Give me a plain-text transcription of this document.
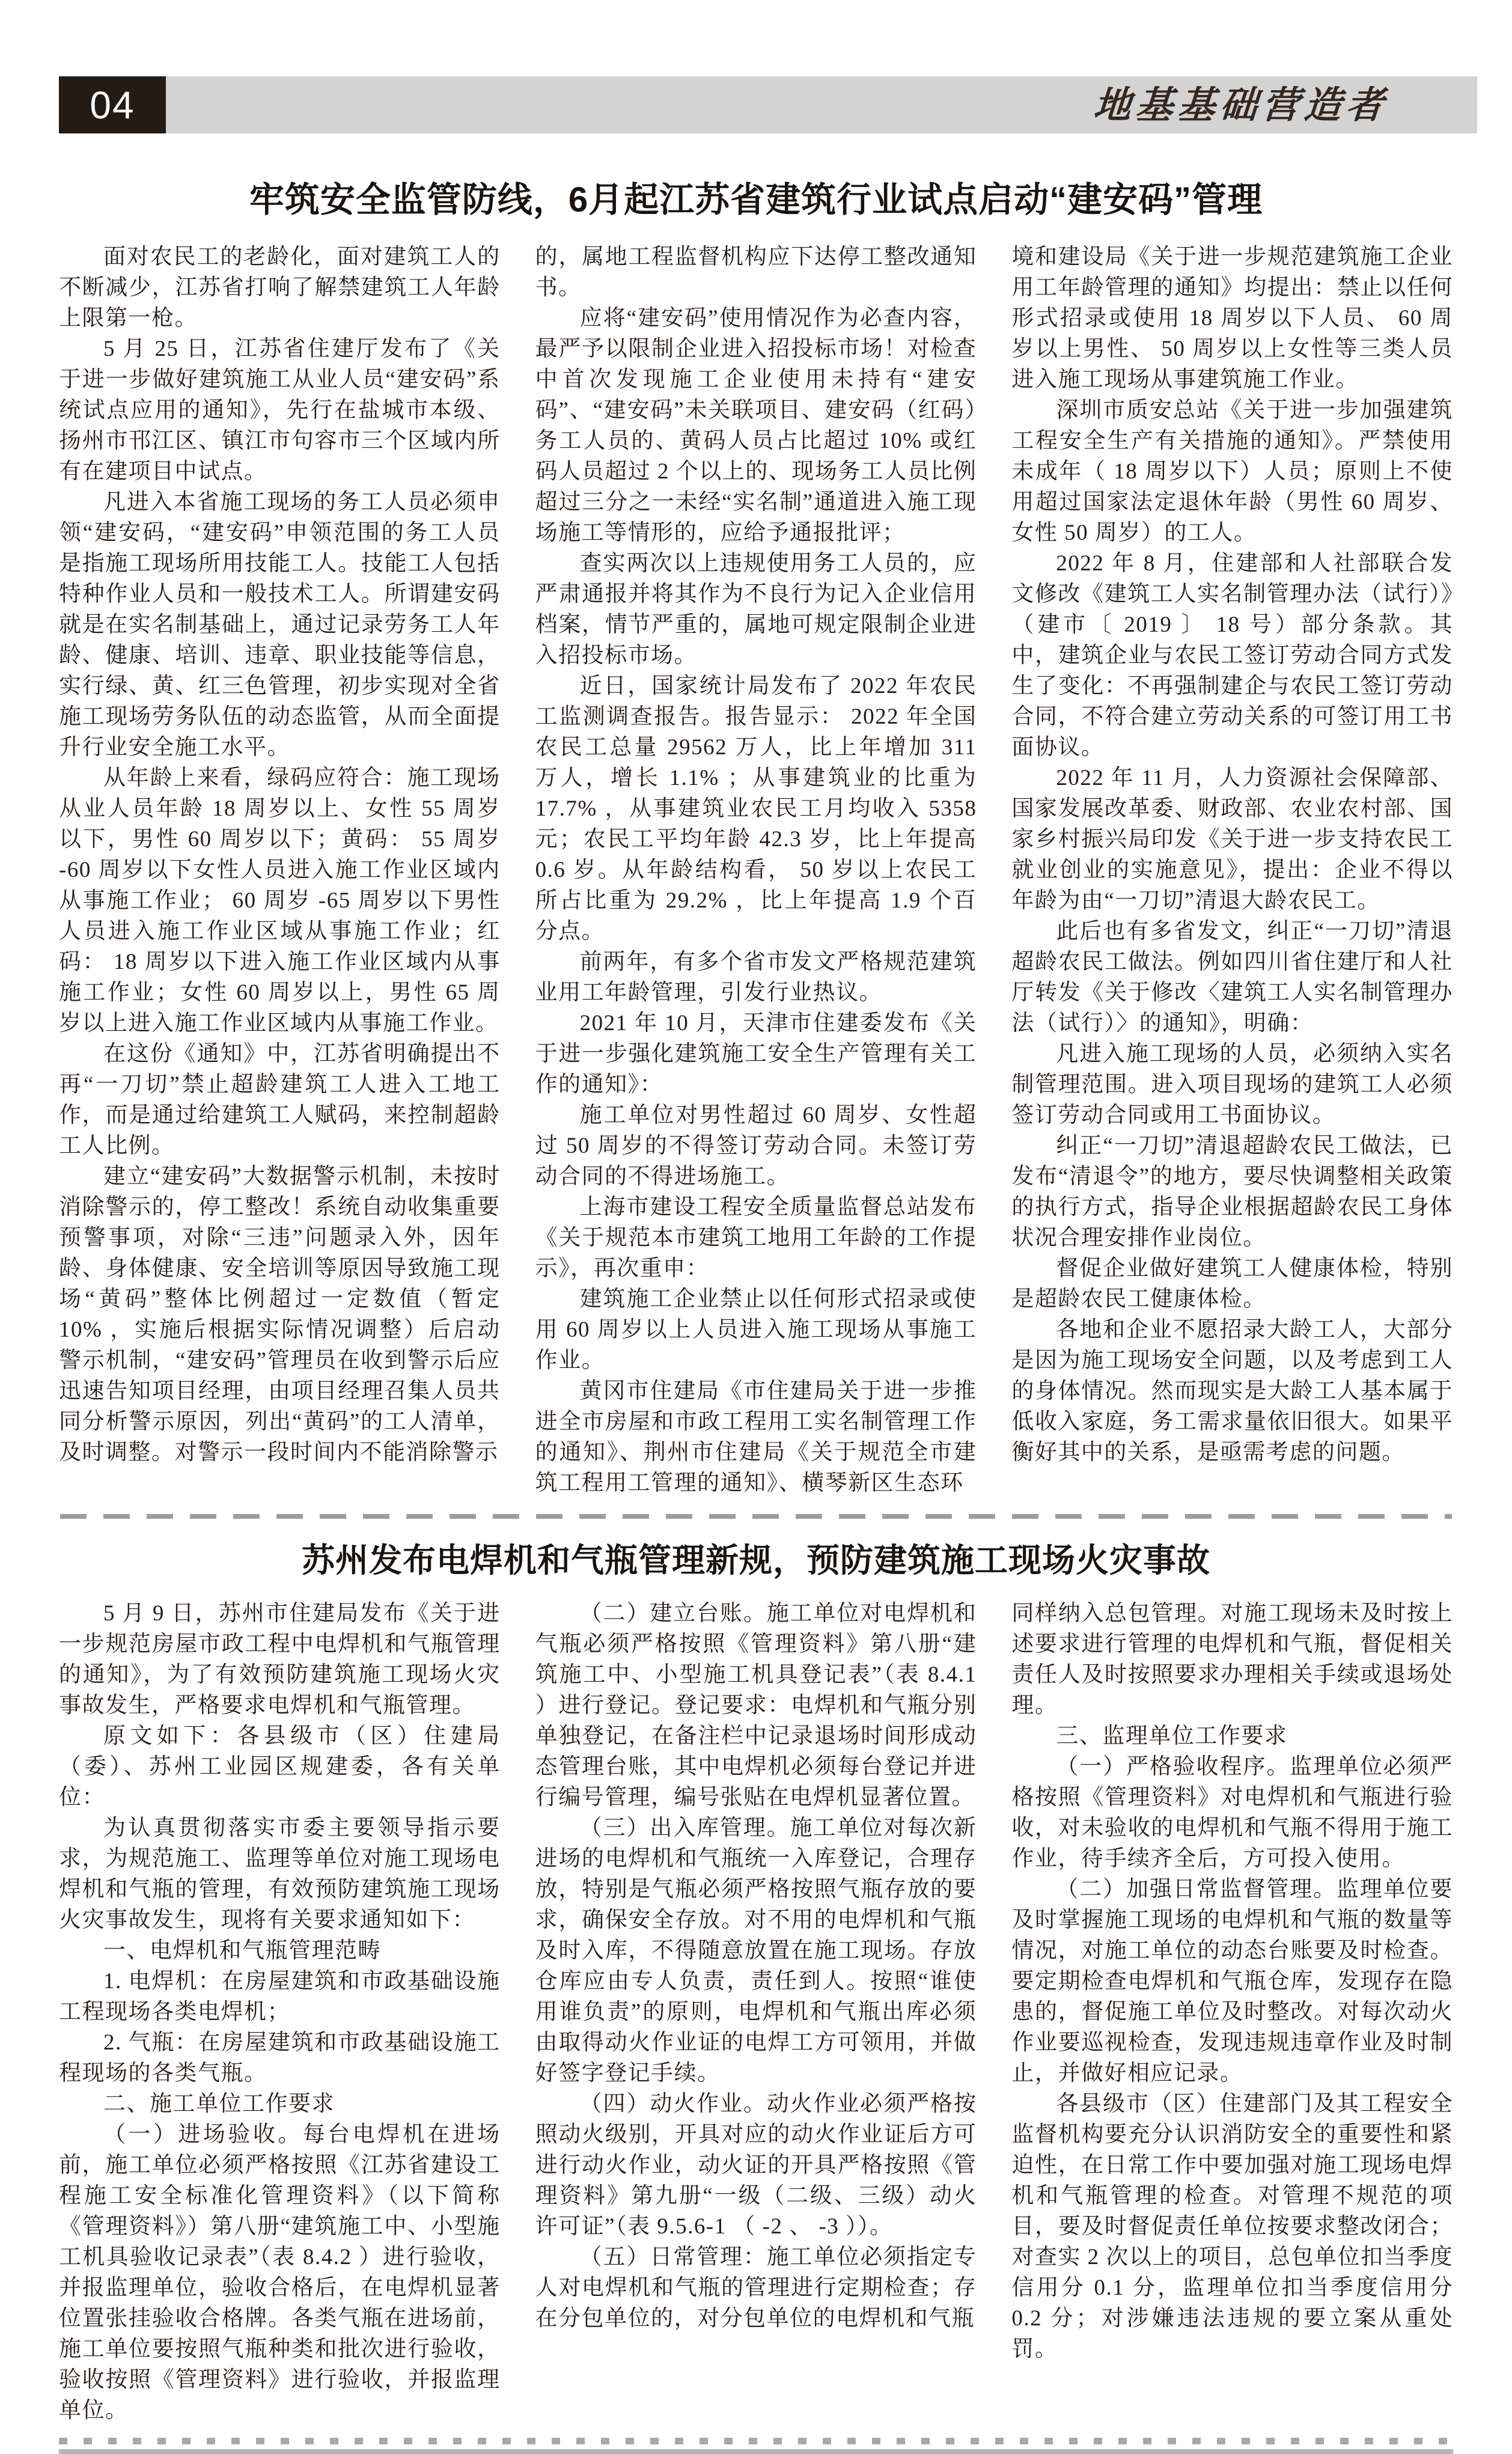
04	地基基础营造者
牢筑安全监管防线，6月起江苏省建筑行业试点启动“建安码”管理

面对农民工的老龄化，面对建筑工人的不断减少，江苏省打响了解禁建筑工人年龄上限第一枪。

5 月 25 日，江苏省住建厅发布了《关于进一步做好建筑施工从业人员“建安码”系统试点应用的通知》，先行在盐城市本级、扬州市邗江区、镇江市句容市三个区域内所有在建项目中试点。

凡进入本省施工现场的务工人员必须申领“建安码，“建安码”申领范围的务工人员是指施工现场所用技能工人。技能工人包括特种作业人员和一般技术工人。所谓建安码就是在实名制基础上，通过记录劳务工人年龄、健康、培训、违章、职业技能等信息，实行绿、黄、红三色管理，初步实现对全省施工现场劳务队伍的动态监管，从而全面提升行业安全施工水平。

从年龄上来看，绿码应符合：施工现场从业人员年龄 18 周岁以上、女性 55 周岁以下，男性 60 周岁以下；黄码： 55 周岁 -60 周岁以下女性人员进入施工作业区域内从事施工作业； 60 周岁 -65 周岁以下男性人员进入施工作业区域从事施工作业；红码： 18 周岁以下进入施工作业区域内从事施工作业；女性 60 周岁以上，男性 65 周岁以上进入施工作业区域内从事施工作业。

在这份《通知》中，江苏省明确提出不再“一刀切”禁止超龄建筑工人进入工地工作，而是通过给建筑工人赋码，来控制超龄工人比例。

建立“建安码”大数据警示机制，未按时消除警示的，停工整改！系统自动收集重要预警事项，对除“三违”问题录入外，因年龄、身体健康、安全培训等原因导致施工现场“黄码”整体比例超过一定数值（暂定 10% ，实施后根据实际情况调整）后启动警示机制，“建安码”管理员在收到警示后应迅速告知项目经理，由项目经理召集人员共同分析警示原因，列出“黄码”的工人清单，及时调整。对警示一段时间内不能消除警示

的，属地工程监督机构应下达停工整改通知书。

应将“建安码”使用情况作为必查内容，最严予以限制企业进入招投标市场！对检查中首次发现施工企业使用未持有“建安码”、“建安码”未关联项目、建安码（红码）务工人员的、黄码人员占比超过 10% 或红码人员超过 2 个以上的、现场务工人员比例超过三分之一未经“实名制”通道进入施工现场施工等情形的，应给予通报批评；

查实两次以上违规使用务工人员的，应严肃通报并将其作为不良行为记入企业信用档案，情节严重的，属地可规定限制企业进入招投标市场。

近日，国家统计局发布了 2022 年农民工监测调查报告。报告显示： 2022 年全国农民工总量 29562 万人，比上年增加 311 万人，增长 1.1% ；从事建筑业的比重为 17.7% ，从事建筑业农民工月均收入 5358 元；农民工平均年龄 42.3 岁，比上年提高 0.6 岁。从年龄结构看， 50 岁以上农民工所占比重为 29.2% ，比上年提高 1.9 个百分点。

前两年，有多个省市发文严格规范建筑业用工年龄管理，引发行业热议。

2021 年 10 月，天津市住建委发布《关于进一步强化建筑施工安全生产管理有关工作的通知》：

施工单位对男性超过 60 周岁、女性超过 50 周岁的不得签订劳动合同。未签订劳动合同的不得进场施工。

上海市建设工程安全质量监督总站发布《关于规范本市建筑工地用工年龄的工作提示》，再次重申：

建筑施工企业禁止以任何形式招录或使用 60 周岁以上人员进入施工现场从事施工作业。

黄冈市住建局《市住建局关于进一步推进全市房屋和市政工程用工实名制管理工作的通知》、荆州市住建局《关于规范全市建筑工程用工管理的通知》、横琴新区生态环

境和建设局《关于进一步规范建筑施工企业用工年龄管理的通知》均提出：禁止以任何形式招录或使用 18 周岁以下人员、 60 周岁以上男性、 50 周岁以上女性等三类人员进入施工现场从事建筑施工作业。

深圳市质安总站《关于进一步加强建筑工程安全生产有关措施的通知》。严禁使用未成年（ 18 周岁以下）人员；原则上不使用超过国家法定退休年龄（男性 60 周岁、女性 50 周岁）的工人。

2022 年 8 月，住建部和人社部联合发文修改《建筑工人实名制管理办法（试行）》（建市〔 2019 〕 18 号）部分条款。其中，建筑企业与农民工签订劳动合同方式发生了变化：不再强制建企与农民工签订劳动合同，不符合建立劳动关系的可签订用工书面协议。

2022 年 11 月，人力资源社会保障部、国家发展改革委、财政部、农业农村部、国家乡村振兴局印发《关于进一步支持农民工就业创业的实施意见》，提出：企业不得以年龄为由“一刀切”清退大龄农民工。

此后也有多省发文，纠正“一刀切”清退超龄农民工做法。例如四川省住建厅和人社厅转发《关于修改〈建筑工人实名制管理办法（试行）〉的通知》，明确：

凡进入施工现场的人员，必须纳入实名制管理范围。进入项目现场的建筑工人必须签订劳动合同或用工书面协议。

纠正“一刀切”清退超龄农民工做法，已发布“清退令”的地方，要尽快调整相关政策的执行方式，指导企业根据超龄农民工身体状况合理安排作业岗位。

督促企业做好建筑工人健康体检，特别是超龄农民工健康体检。

各地和企业不愿招录大龄工人，大部分是因为施工现场安全问题，以及考虑到工人的身体情况。然而现实是大龄工人基本属于低收入家庭，务工需求量依旧很大。如果平衡好其中的关系，是亟需考虑的问题。

苏州发布电焊机和气瓶管理新规，预防建筑施工现场火灾事故

5 月 9 日，苏州市住建局发布《关于进一步规范房屋市政工程中电焊机和气瓶管理的通知》，为了有效预防建筑施工现场火灾事故发生，严格要求电焊机和气瓶管理。

原文如下：各县级市（区）住建局（委）、苏州工业园区规建委，各有关单位：

为认真贯彻落实市委主要领导指示要求，为规范施工、监理等单位对施工现场电焊机和气瓶的管理，有效预防建筑施工现场火灾事故发生，现将有关要求通知如下：

一、电焊机和气瓶管理范畴

1. 电焊机：在房屋建筑和市政基础设施工程现场各类电焊机；

2. 气瓶：在房屋建筑和市政基础设施工程现场的各类气瓶。

二、施工单位工作要求

（一）进场验收。每台电焊机在进场前，施工单位必须严格按照《江苏省建设工程施工安全标准化管理资料》（以下简称《管理资料》）第八册“建筑施工中、小型施工机具验收记录表”（表 8.4.2 ）进行验收，并报监理单位，验收合格后，在电焊机显著位置张挂验收合格牌。各类气瓶在进场前，施工单位要按照气瓶种类和批次进行验收，验收按照《管理资料》进行验收，并报监理单位。

（二）建立台账。施工单位对电焊机和气瓶必须严格按照《管理资料》第八册“建筑施工中、小型施工机具登记表”（表 8.4.1 ）进行登记。登记要求：电焊机和气瓶分别单独登记，在备注栏中记录退场时间形成动态管理台账，其中电焊机必须每台登记并进行编号管理，编号张贴在电焊机显著位置。

（三）出入库管理。施工单位对每次新进场的电焊机和气瓶统一入库登记，合理存放，特别是气瓶必须严格按照气瓶存放的要求，确保安全存放。对不用的电焊机和气瓶及时入库，不得随意放置在施工现场。存放仓库应由专人负责，责任到人。按照“谁使用谁负责”的原则，电焊机和气瓶出库必须由取得动火作业证的电焊工方可领用，并做好签字登记手续。

（四）动火作业。动火作业必须严格按照动火级别，开具对应的动火作业证后方可进行动火作业，动火证的开具严格按照《管理资料》第九册“一级（二级、三级）动火许可证”（表 9.5.6-1 （ -2 、 -3 ））。

（五）日常管理：施工单位必须指定专人对电焊机和气瓶的管理进行定期检查；存在分包单位的，对分包单位的电焊机和气瓶

同样纳入总包管理。对施工现场未及时按上述要求进行管理的电焊机和气瓶，督促相关责任人及时按照要求办理相关手续或退场处理。

三、监理单位工作要求

（一）严格验收程序。监理单位必须严格按照《管理资料》对电焊机和气瓶进行验收，对未验收的电焊机和气瓶不得用于施工作业，待手续齐全后，方可投入使用。

（二）加强日常监督管理。监理单位要及时掌握施工现场的电焊机和气瓶的数量等情况，对施工单位的动态台账要及时检查。要定期检查电焊机和气瓶仓库，发现存在隐患的，督促施工单位及时整改。对每次动火作业要巡视检查，发现违规违章作业及时制止，并做好相应记录。

各县级市（区）住建部门及其工程安全监督机构要充分认识消防安全的重要性和紧迫性，在日常工作中要加强对施工现场电焊机和气瓶管理的检查。对管理不规范的项目，要及时督促责任单位按要求整改闭合；对查实 2 次以上的项目，总包单位扣当季度信用分 0.1 分，监理单位扣当季度信用分 0.2 分；对涉嫌违法违规的要立案从重处罚。
